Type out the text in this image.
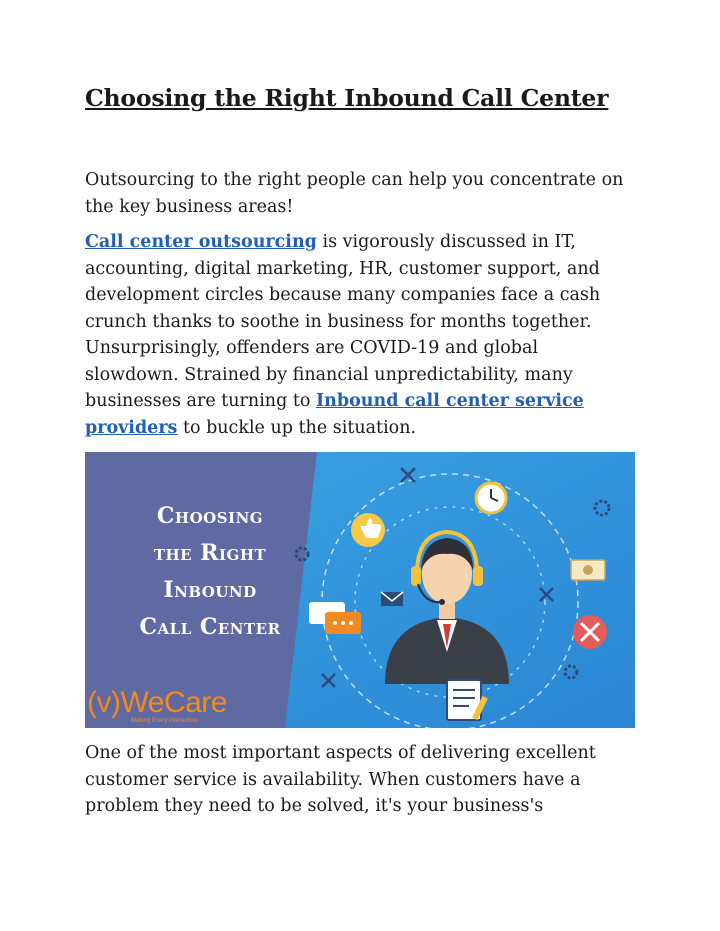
Choosing the Right Inbound Call Center

Outsourcing to the right people can help you concentrate on the key business areas!

Call center outsourcing is vigorously discussed in IT, accounting, digital marketing, HR, customer support, and development circles because many companies face a cash crunch thanks to soothe in business for months together. Unsurprisingly, offenders are COVID-19 and global slowdown. Strained by financial unpredictability, many businesses are turning to Inbound call center service providers to buckle up the situation.

Choosing
the Right
Inbound
Call Center
(v)WeCare
Making Every Interaction

One of the most important aspects of delivering excellent customer service is availability. When customers have a problem they need to be solved, it's your business's
